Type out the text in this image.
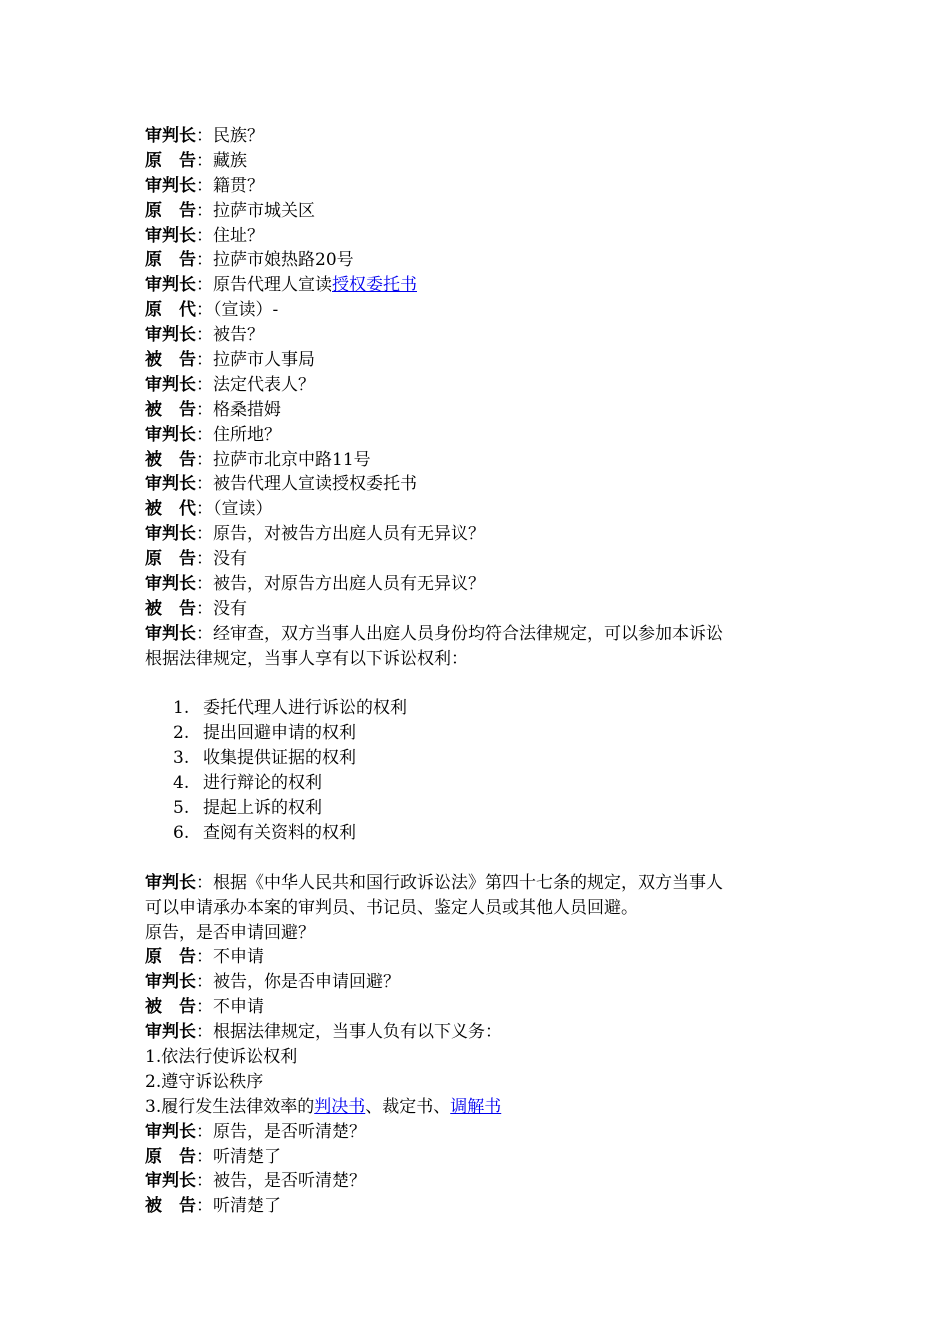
审判长：民族？
原　告：藏族
审判长：籍贯？
原　告：拉萨市城关区
审判长：住址？
原　告：拉萨市娘热路20号
审判长：原告代理人宣读授权委托书
原　代：（宣读）-
审判长：被告？
被　告：拉萨市人事局
审判长：法定代表人？
被　告：格桑措姆
审判长：住所地？
被　告：拉萨市北京中路11号
审判长：被告代理人宣读授权委托书
被　代：（宣读）
审判长：原告，对被告方出庭人员有无异议？
原　告：没有
审判长：被告，对原告方出庭人员有无异议？
被　告：没有
审判长：经审查，双方当事人出庭人员身份均符合法律规定，可以参加本诉讼
根据法律规定，当事人享有以下诉讼权利：
1. 委托代理人进行诉讼的权利
2. 提出回避申请的权利
3. 收集提供证据的权利
4. 进行辩论的权利
5. 提起上诉的权利
6. 查阅有关资料的权利
审判长：根据《中华人民共和国行政诉讼法》第四十七条的规定，双方当事人
可以申请承办本案的审判员、书记员、鉴定人员或其他人员回避。
原告，是否申请回避？
原　告：不申请
审判长：被告，你是否申请回避？
被　告：不申请
审判长：根据法律规定，当事人负有以下义务：
1.依法行使诉讼权利
2.遵守诉讼秩序
3.履行发生法律效率的判决书、裁定书、调解书
审判长：原告，是否听清楚？
原　告：听清楚了
审判长：被告，是否听清楚？
被　告：听清楚了
